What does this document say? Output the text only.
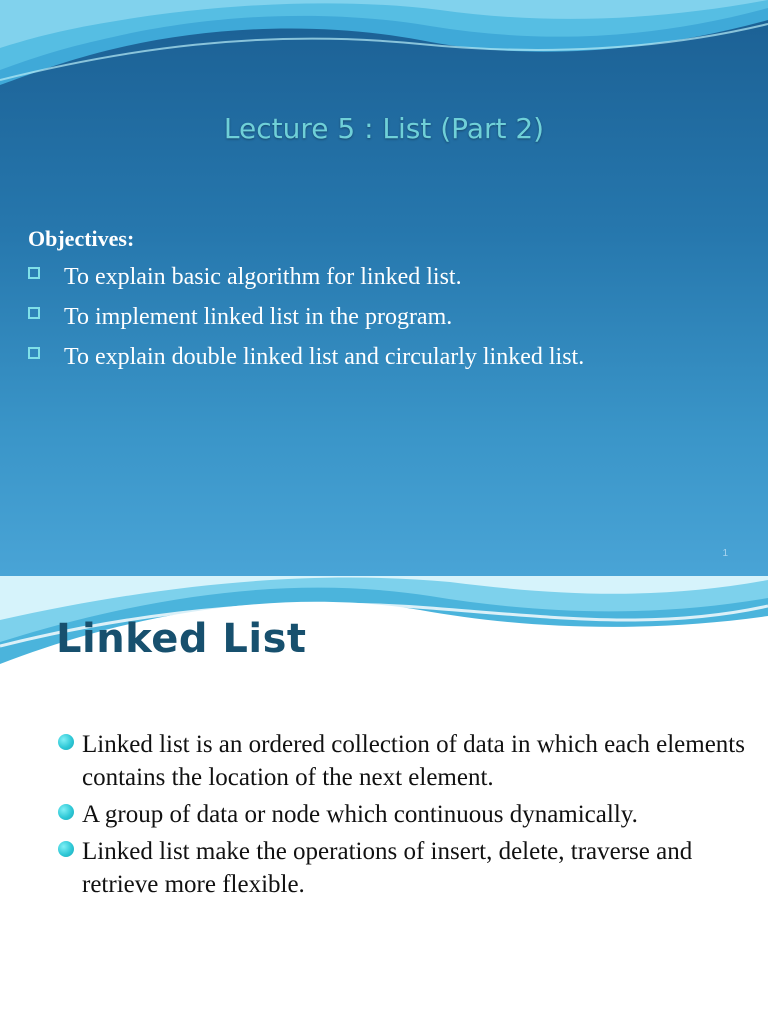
Lecture 5 : List (Part 2)
Objectives:
To explain basic algorithm for linked list.
To implement linked list in the program.
To explain double linked list and circularly linked list.
1
Linked List
Linked list is an ordered collection of data in which each elements contains the location of the next element.
A group of data or node which continuous dynamically.
Linked list make the operations of insert, delete, traverse and retrieve more flexible.
